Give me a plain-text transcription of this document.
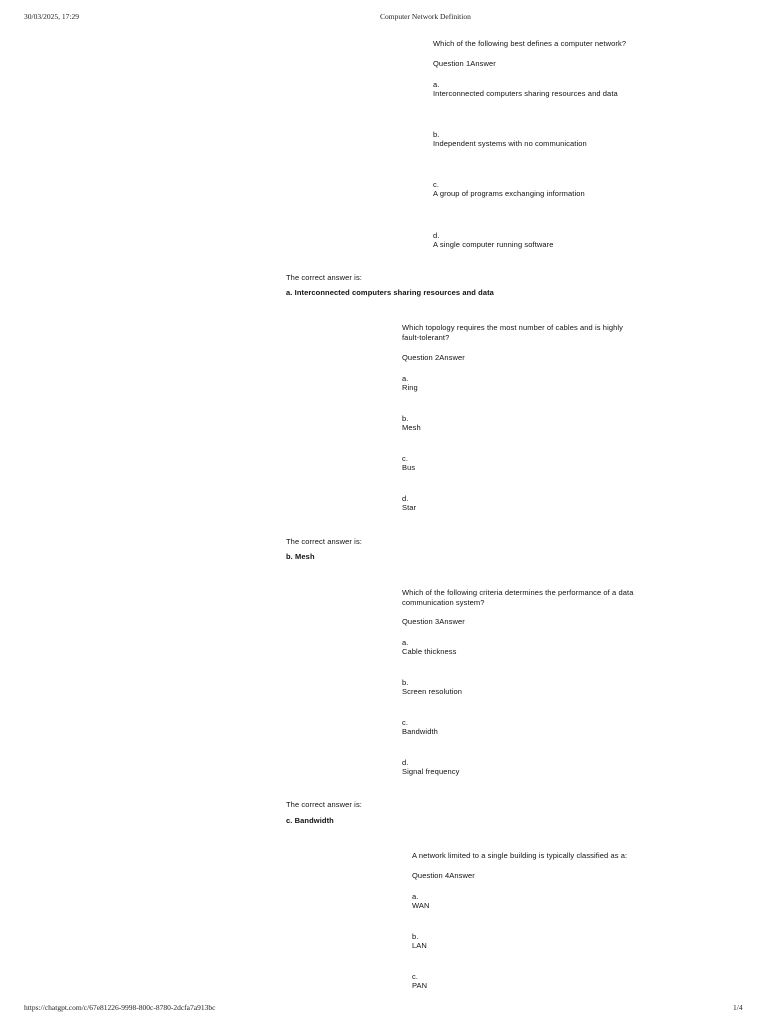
30/03/2025, 17:29	Computer Network Definition
Which of the following best defines a computer network?
Question 1Answer
a.
Interconnected computers sharing resources and data
b.
Independent systems with no communication
c.
A group of programs exchanging information
d.
A single computer running software
The correct answer is:
a. Interconnected computers sharing resources and data
Which topology requires the most number of cables and is highly fault-tolerant?
Question 2Answer
a.
Ring
b.
Mesh
c.
Bus
d.
Star
The correct answer is:
b. Mesh
Which of the following criteria determines the performance of a data communication system?
Question 3Answer
a.
Cable thickness
b.
Screen resolution
c.
Bandwidth
d.
Signal frequency
The correct answer is:
c. Bandwidth
A network limited to a single building is typically classified as a:
Question 4Answer
a.
WAN
b.
LAN
c.
PAN
https://chatgpt.com/c/67e81226-9998-800c-8780-2dcfa7a913bc	1/4
